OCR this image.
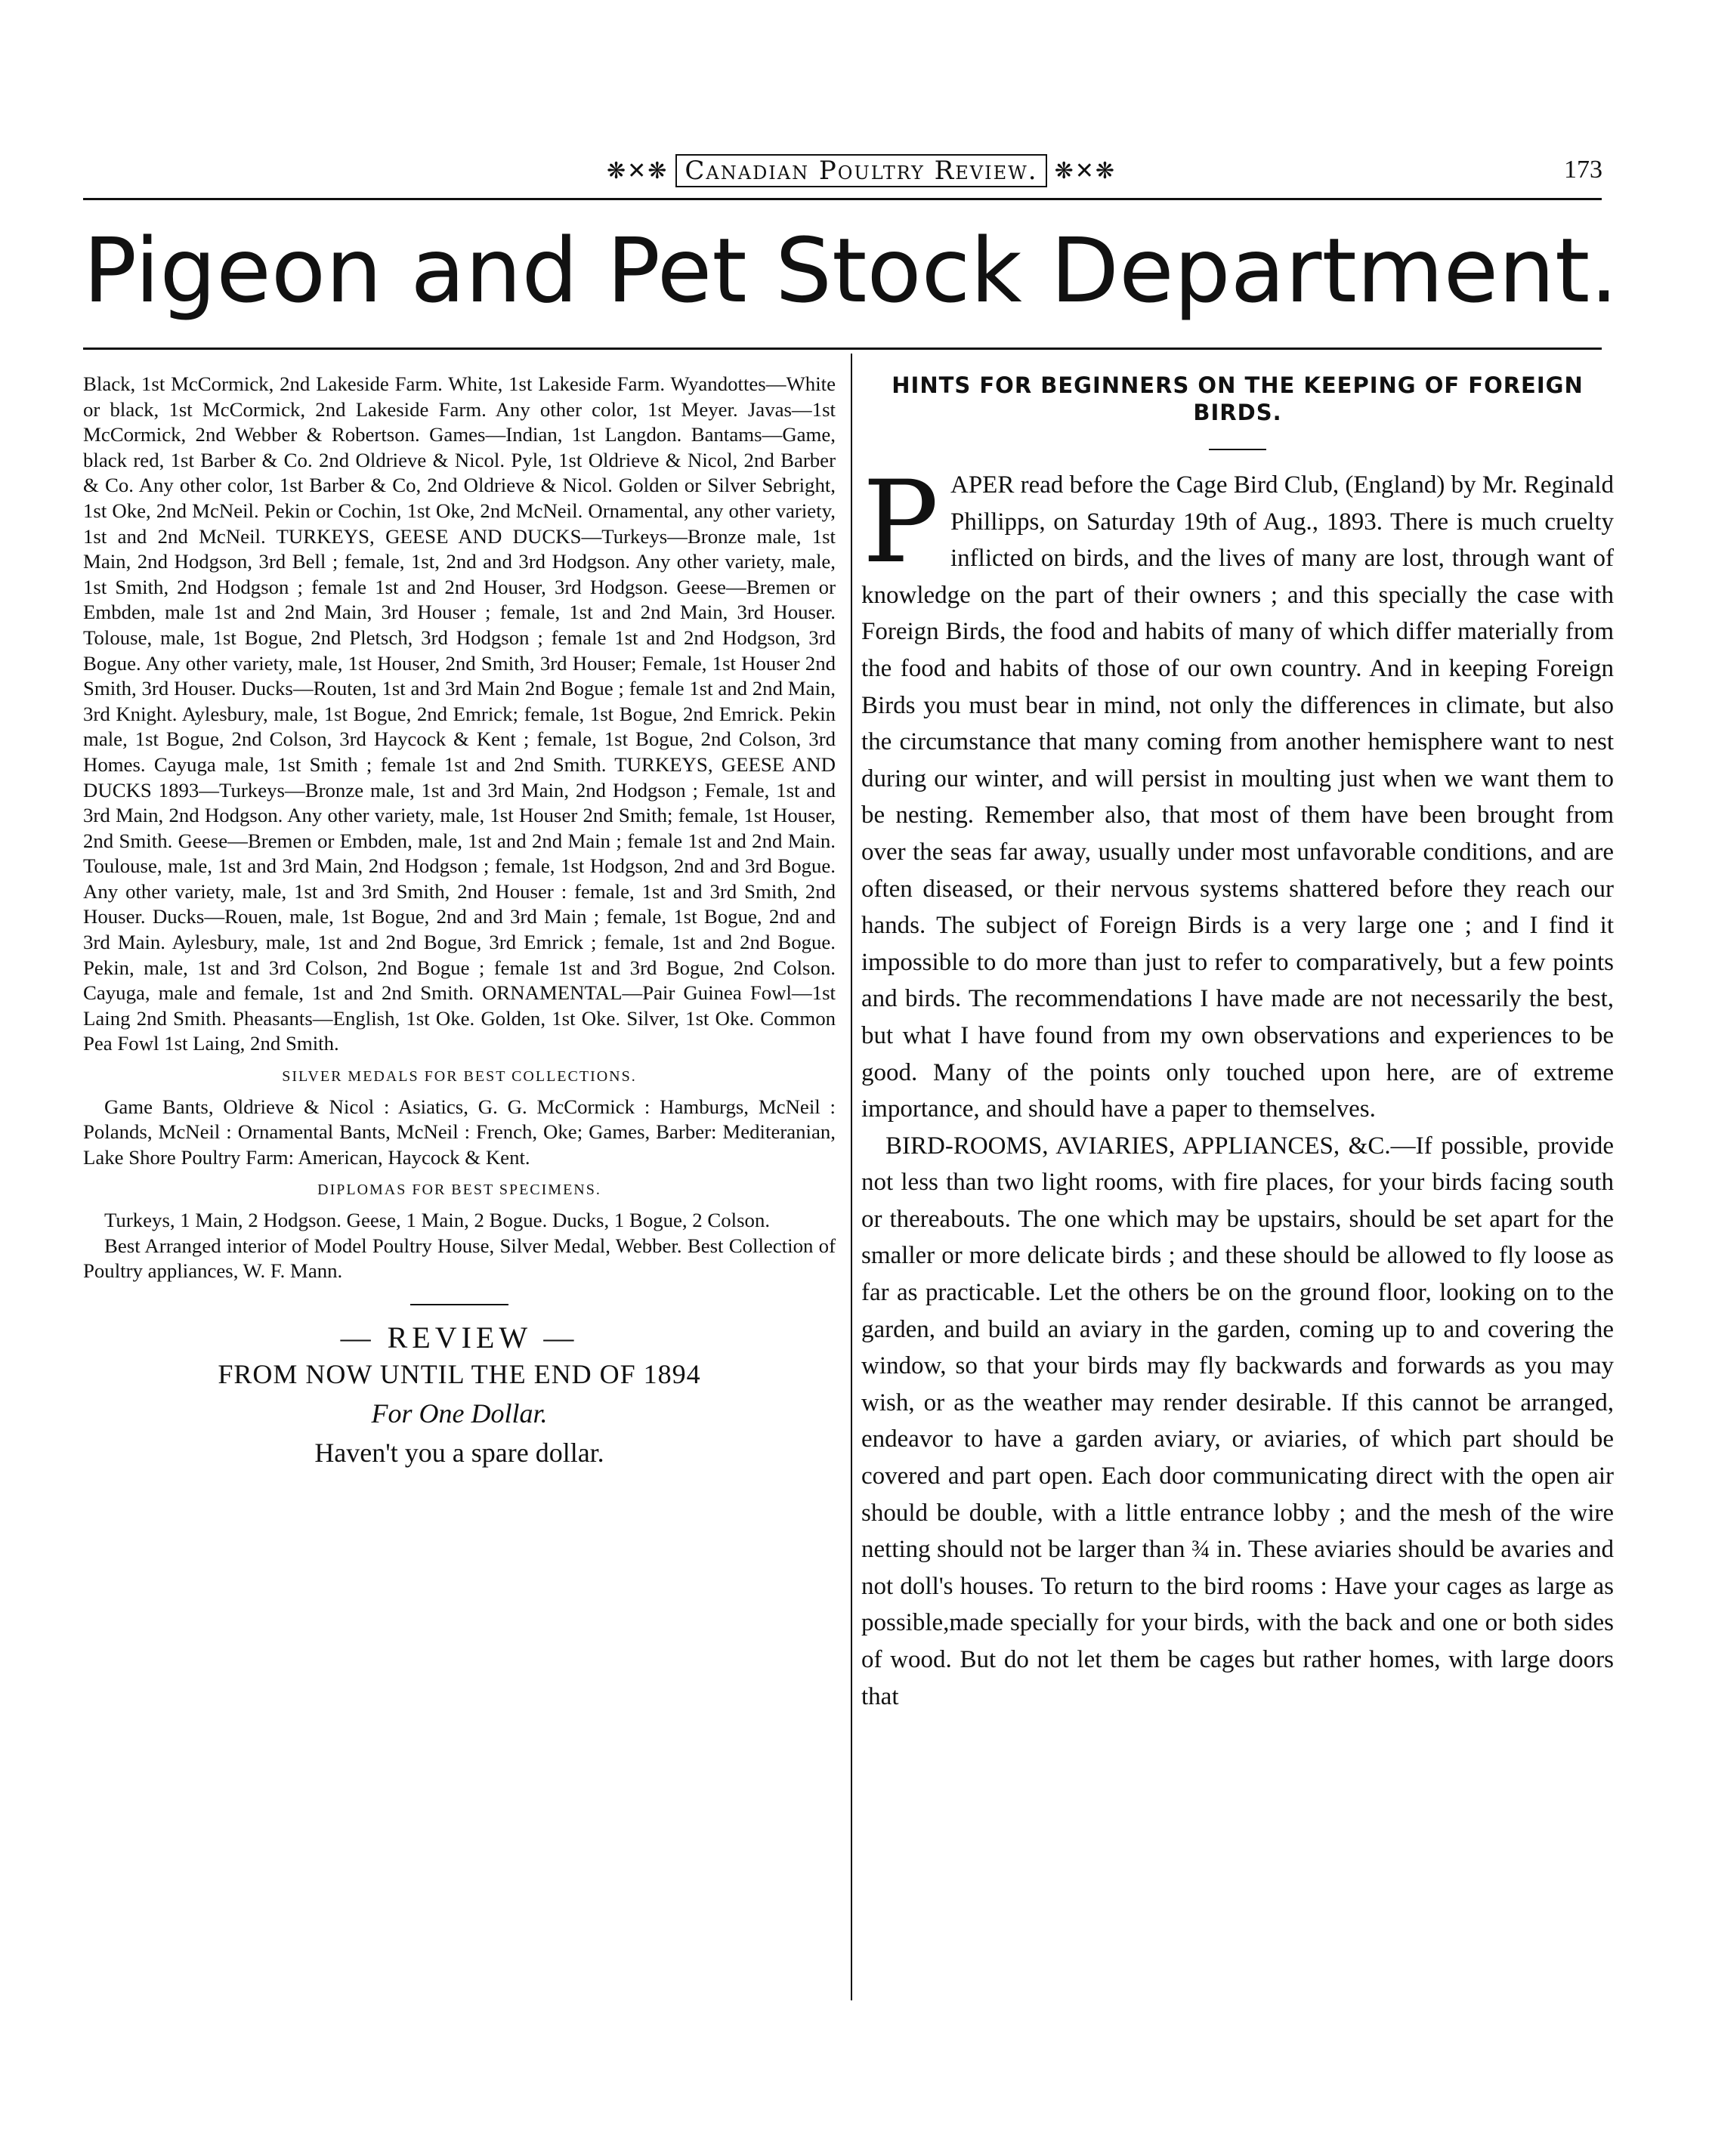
❋✕❋ Canadian Poultry Review. ❋✕❋	173
Pigeon and Pet Stock Department.

Black, 1st McCormick, 2nd Lakeside Farm. White, 1st Lakeside Farm. Wyandottes—White or black, 1st McCormick, 2nd Lakeside Farm. Any other color, 1st Meyer. Javas—1st McCormick, 2nd Webber & Robertson. Games—Indian, 1st Langdon. Bantams—Game, black red, 1st Barber & Co. 2nd Oldrieve & Nicol. Pyle, 1st Oldrieve & Nicol, 2nd Barber & Co. Any other color, 1st Barber & Co, 2nd Oldrieve & Nicol. Golden or Silver Sebright, 1st Oke, 2nd McNeil. Pekin or Cochin, 1st Oke, 2nd McNeil. Ornamental, any other variety, 1st and 2nd McNeil. TURKEYS, GEESE AND DUCKS—Turkeys—Bronze male, 1st Main, 2nd Hodgson, 3rd Bell ; female, 1st, 2nd and 3rd Hodgson. Any other variety, male, 1st Smith, 2nd Hodgson ; female 1st and 2nd Houser, 3rd Hodgson. Geese—Bremen or Embden, male 1st and 2nd Main, 3rd Houser ; female, 1st and 2nd Main, 3rd Houser. Tolouse, male, 1st Bogue, 2nd Pletsch, 3rd Hodgson ; female 1st and 2nd Hodgson, 3rd Bogue. Any other variety, male, 1st Houser, 2nd Smith, 3rd Houser; Female, 1st Houser 2nd Smith, 3rd Houser. Ducks—Routen, 1st and 3rd Main 2nd Bogue ; female 1st and 2nd Main, 3rd Knight. Aylesbury, male, 1st Bogue, 2nd Emrick; female, 1st Bogue, 2nd Emrick. Pekin male, 1st Bogue, 2nd Colson, 3rd Haycock & Kent ; female, 1st Bogue, 2nd Colson, 3rd Homes. Cayuga male, 1st Smith ; female 1st and 2nd Smith. TURKEYS, GEESE AND DUCKS 1893—Turkeys—Bronze male, 1st and 3rd Main, 2nd Hodgson ; Female, 1st and 3rd Main, 2nd Hodgson. Any other variety, male, 1st Houser 2nd Smith; female, 1st Houser, 2nd Smith. Geese—Bremen or Embden, male, 1st and 2nd Main ; female 1st and 2nd Main. Toulouse, male, 1st and 3rd Main, 2nd Hodgson ; female, 1st Hodgson, 2nd and 3rd Bogue. Any other variety, male, 1st and 3rd Smith, 2nd Houser : female, 1st and 3rd Smith, 2nd Houser. Ducks—Rouen, male, 1st Bogue, 2nd and 3rd Main ; female, 1st Bogue, 2nd and 3rd Main. Aylesbury, male, 1st and 2nd Bogue, 3rd Emrick ; female, 1st and 2nd Bogue. Pekin, male, 1st and 3rd Colson, 2nd Bogue ; female 1st and 3rd Bogue, 2nd Colson. Cayuga, male and female, 1st and 2nd Smith. ORNAMENTAL—Pair Guinea Fowl—1st Laing 2nd Smith. Pheasants—English, 1st Oke. Golden, 1st Oke. Silver, 1st Oke. Common Pea Fowl 1st Laing, 2nd Smith.

SILVER MEDALS FOR BEST COLLECTIONS.

Game Bants, Oldrieve & Nicol : Asiatics, G. G. McCormick : Hamburgs, McNeil : Polands, McNeil : Ornamental Bants, McNeil : French, Oke; Games, Barber: Mediteranian, Lake Shore Poultry Farm: American, Haycock & Kent.

DIPLOMAS FOR BEST SPECIMENS.

Turkeys, 1 Main, 2 Hodgson. Geese, 1 Main, 2 Bogue. Ducks, 1 Bogue, 2 Colson.

Best Arranged interior of Model Poultry House, Silver Medal, Webber. Best Collection of Poultry appliances, W. F. Mann.

— REVIEW —
FROM NOW UNTIL THE END OF 1894
For One Dollar.
Haven't you a spare dollar.

HINTS FOR BEGINNERS ON THE KEEPING OF FOREIGN BIRDS.

PAPER read before the Cage Bird Club, (England) by Mr. Reginald Phillipps, on Saturday 19th of Aug., 1893. There is much cruelty inflicted on birds, and the lives of many are lost, through want of knowledge on the part of their owners ; and this specially the case with Foreign Birds, the food and habits of many of which differ materially from the food and habits of those of our own country. And in keeping Foreign Birds you must bear in mind, not only the differences in climate, but also the circumstance that many coming from another hemisphere want to nest during our winter, and will persist in moulting just when we want them to be nesting. Remember also, that most of them have been brought from over the seas far away, usually under most unfavorable conditions, and are often diseased, or their nervous systems shattered before they reach our hands. The subject of Foreign Birds is a very large one ; and I find it impossible to do more than just to refer to comparatively, but a few points and birds. The recommendations I have made are not necessarily the best, but what I have found from my own observations and experiences to be good. Many of the points only touched upon here, are of extreme importance, and should have a paper to themselves.

BIRD-ROOMS, AVIARIES, APPLIANCES, &C.—If possible, provide not less than two light rooms, with fire places, for your birds facing south or thereabouts. The one which may be upstairs, should be set apart for the smaller or more delicate birds ; and these should be allowed to fly loose as far as practicable. Let the others be on the ground floor, looking on to the garden, and build an aviary in the garden, coming up to and covering the window, so that your birds may fly backwards and forwards as you may wish, or as the weather may render desirable. If this cannot be arranged, endeavor to have a garden aviary, or aviaries, of which part should be covered and part open. Each door communicating direct with the open air should be double, with a little entrance lobby ; and the mesh of the wire netting should not be larger than ¾ in. These aviaries should be avaries and not doll's houses. To return to the bird rooms : Have your cages as large as possible,made specially for your birds, with the back and one or both sides of wood. But do not let them be cages but rather homes, with large doors that
